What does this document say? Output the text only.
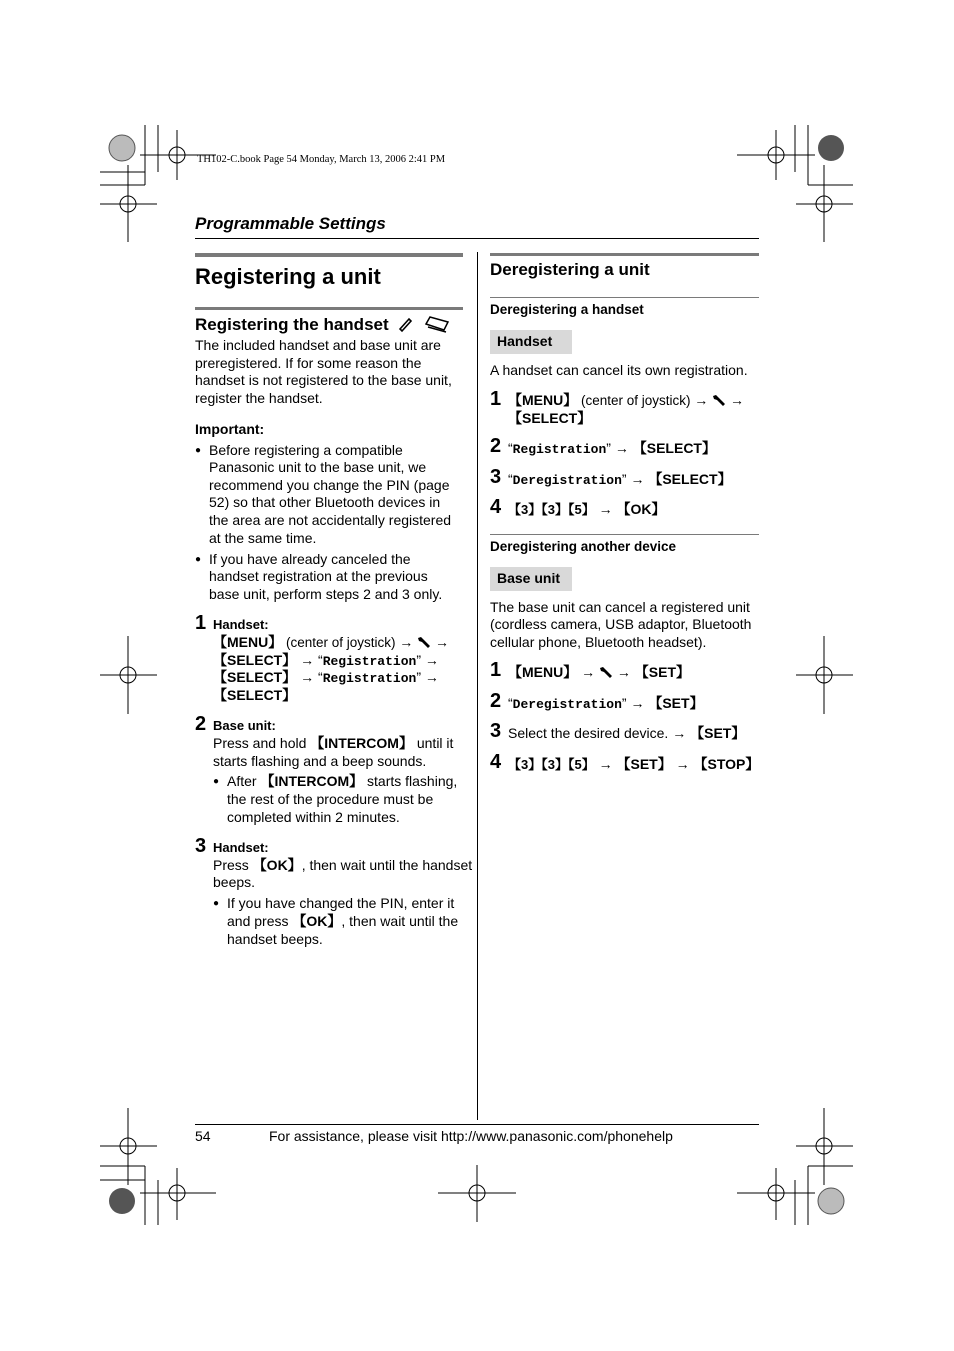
TH102-C.book Page 54 Monday, March 13, 2006 2:41 PM
Programmable Settings
Registering a unit
Registering the handset
The included handset and base unit are
preregistered. If for some reason the
handset is not registered to the base unit,
register the handset.
Important:
● Before registering a compatible
Panasonic unit to the base unit, we
recommend you change the PIN (page
52) so that other Bluetooth devices in
the area are not accidentally registered
at the same time.
● If you have already canceled the
handset registration at the previous
base unit, perform steps 2 and 3 only.
1 Handset:
【MENU】 (center of joystick) → →
【SELECT】 → “Registration” →
【SELECT】 → “Registration” →
【SELECT】
2 Base unit:
Press and hold 【INTERCOM】 until it
starts flashing and a beep sounds.
● After 【INTERCOM】 starts flashing,
the rest of the procedure must be
completed within 2 minutes.
3 Handset:
Press 【OK】, then wait until the handset
beeps.
● If you have changed the PIN, enter it
and press 【OK】, then wait until the
handset beeps.
Deregistering a unit
Deregistering a handset
Handset
A handset can cancel its own registration.
1 【MENU】 (center of joystick) → →
【SELECT】
2 “Registration” → 【SELECT】
3 “Deregistration” → 【SELECT】
4 【3】【3】【5】 → 【OK】
Deregistering another device
Base unit
The base unit can cancel a registered unit
(cordless camera, USB adaptor, Bluetooth
cellular phone, Bluetooth headset).
1 【MENU】 → → 【SET】
2 “Deregistration” → 【SET】
3 Select the desired device. → 【SET】
4 【3】【3】【5】 → 【SET】 → 【STOP】
54	For assistance, please visit http://www.panasonic.com/phonehelp
